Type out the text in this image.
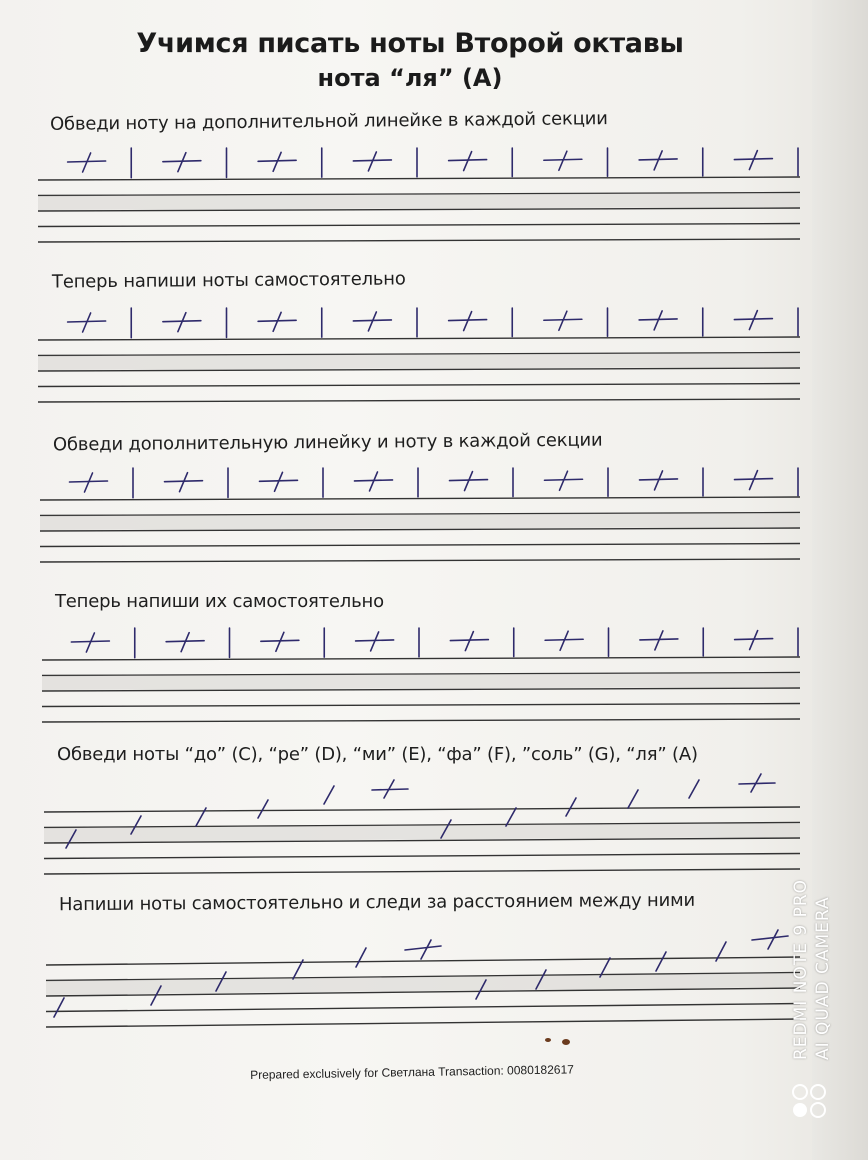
Учимся писать ноты Второй октавы
нота “ля” (А)
Обведи ноту на дополнительной линейке в каждой секции
Теперь напиши ноты самостоятельно
Обведи дополнительную линейку и ноту в каждой секции
Теперь напиши их самостоятельно
Обведи ноты “до” (C), “ре” (D), “ми” (E), “фа” (F), ”соль” (G), “ля” (A)
Напиши ноты самостоятельно и следи за расстоянием между ними
Prepared exclusively for Светлана Transaction: 0080182617
REDMI NOTE 9 PRO AI QUAD CAMERA
